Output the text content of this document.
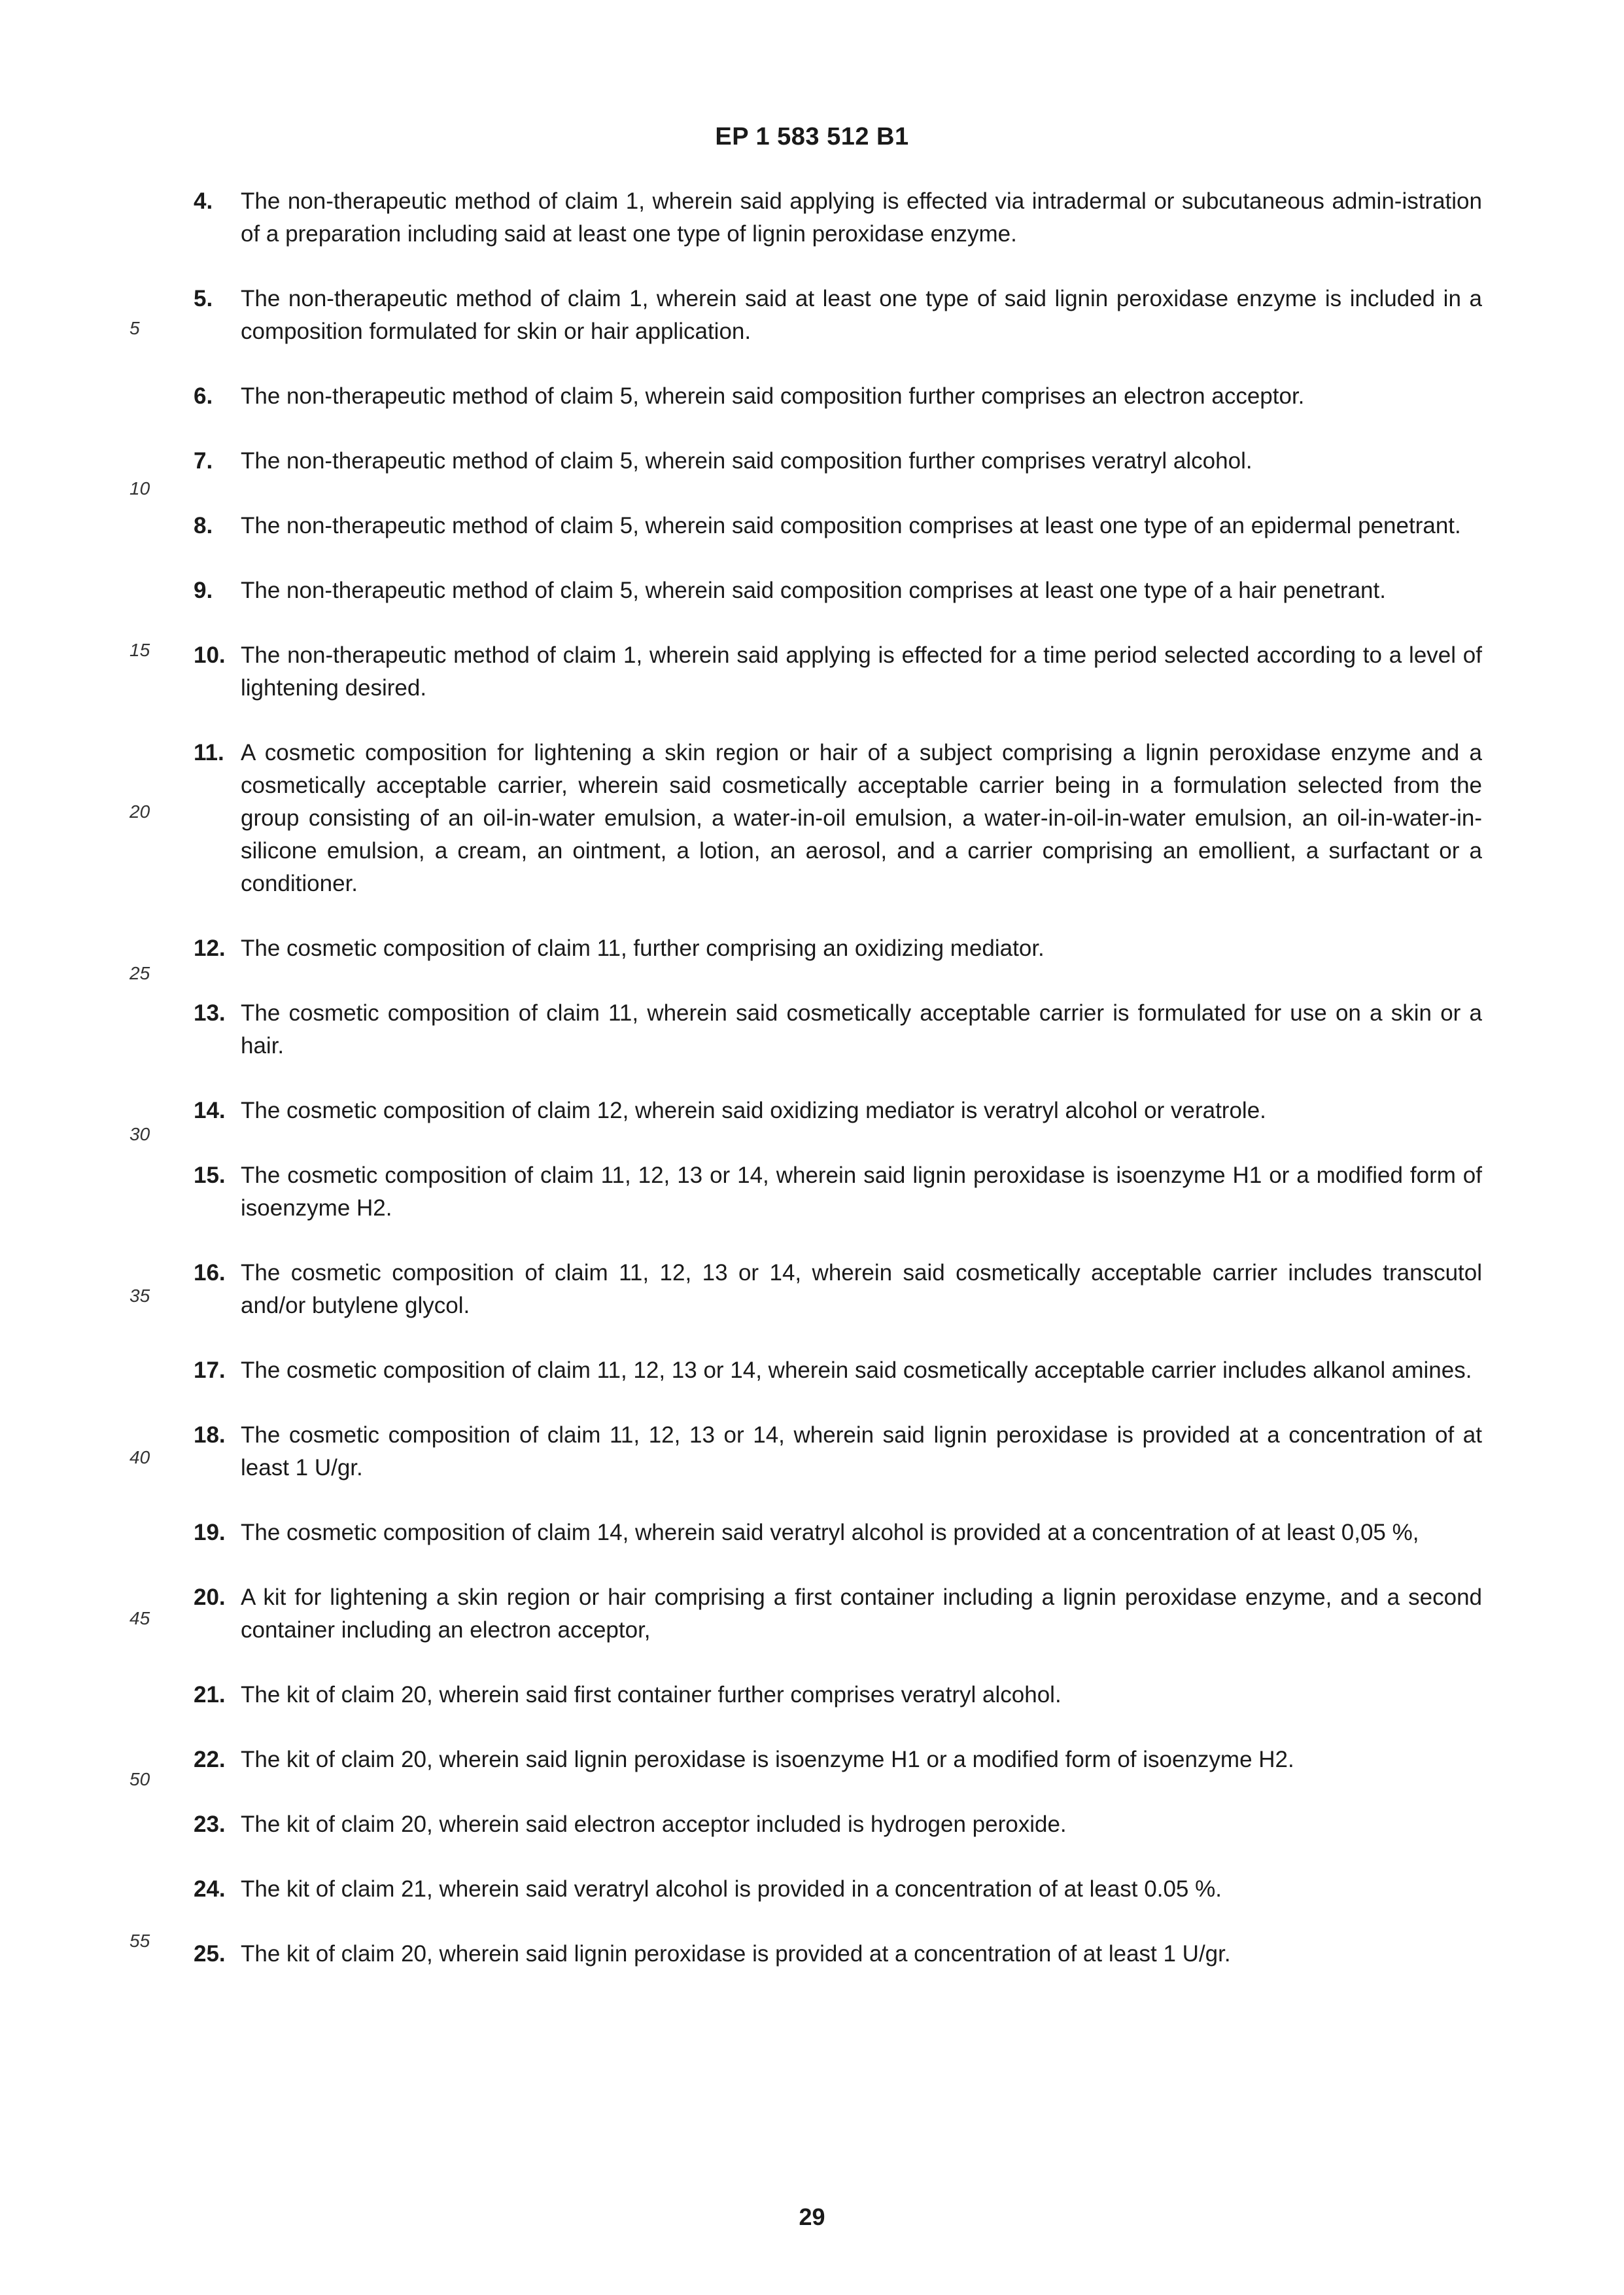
EP 1 583 512 B1
5
10
15
20
25
30
35
40
45
50
55
4.	The non-therapeutic method of claim 1, wherein said applying is effected via intradermal or subcutaneous admin-istration of a preparation including said at least one type of lignin peroxidase enzyme.
5.	The non-therapeutic method of claim 1, wherein said at least one type of said lignin peroxidase enzyme is included in a composition formulated for skin or hair application.
6.	The non-therapeutic method of claim 5, wherein said composition further comprises an electron acceptor.
7.	The non-therapeutic method of claim 5, wherein said composition further comprises veratryl alcohol.
8.	The non-therapeutic method of claim 5, wherein said composition comprises at least one type of an epidermal penetrant.
9.	The non-therapeutic method of claim 5, wherein said composition comprises at least one type of a hair penetrant.
10. The non-therapeutic method of claim 1, wherein said applying is effected for a time period selected according to a level of lightening desired.
11. A cosmetic composition for lightening a skin region or hair of a subject comprising a lignin peroxidase enzyme and a cosmetically acceptable carrier, wherein said cosmetically acceptable carrier being in a formulation selected from the group consisting of an oil-in-water emulsion, a water-in-oil emulsion, a water-in-oil-in-water emulsion, an oil-in-water-in-silicone emulsion, a cream, an ointment, a lotion, an aerosol, and a carrier comprising an emollient, a surfactant or a conditioner.
12. The cosmetic composition of claim 11, further comprising an oxidizing mediator.
13. The cosmetic composition of claim 11, wherein said cosmetically acceptable carrier is formulated for use on a skin or a hair.
14. The cosmetic composition of claim 12, wherein said oxidizing mediator is veratryl alcohol or veratrole.
15. The cosmetic composition of claim 11, 12, 13 or 14, wherein said lignin peroxidase is isoenzyme H1 or a modified form of isoenzyme H2.
16. The cosmetic composition of claim 11, 12, 13 or 14, wherein said cosmetically acceptable carrier includes transcutol and/or butylene glycol.
17. The cosmetic composition of claim 11, 12, 13 or 14, wherein said cosmetically acceptable carrier includes alkanol amines.
18. The cosmetic composition of claim 11, 12, 13 or 14, wherein said lignin peroxidase is provided at a concentration of at least 1 U/gr.
19. The cosmetic composition of claim 14, wherein said veratryl alcohol is provided at a concentration of at least 0,05 %,
20. A kit for lightening a skin region or hair comprising a first container including a lignin peroxidase enzyme, and a second container including an electron acceptor,
21. The kit of claim 20, wherein said first container further comprises veratryl alcohol.
22. The kit of claim 20, wherein said lignin peroxidase is isoenzyme H1 or a modified form of isoenzyme H2.
23. The kit of claim 20, wherein said electron acceptor included is hydrogen peroxide.
24. The kit of claim 21, wherein said veratryl alcohol is provided in a concentration of at least 0.05 %.
25. The kit of claim 20, wherein said lignin peroxidase is provided at a concentration of at least 1 U/gr.
29
